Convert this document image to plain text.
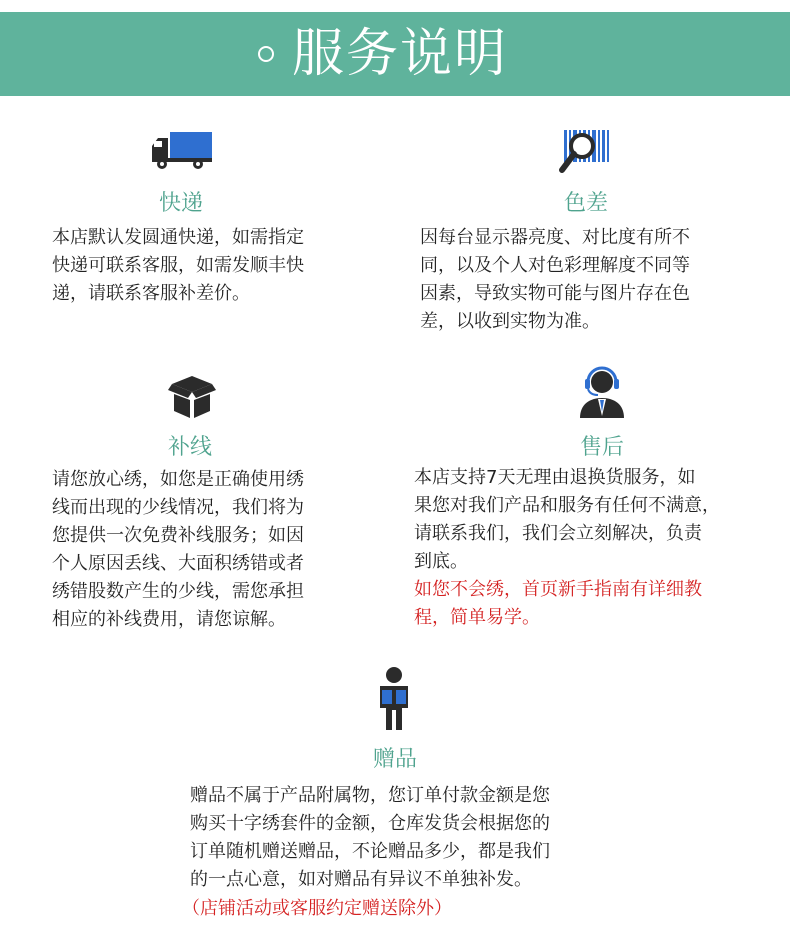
服务说明
快递
本店默认发圆通快递，如需指定
快递可联系客服，如需发顺丰快
递，请联系客服补差价。
色差
因每台显示器亮度、对比度有所不
同，以及个人对色彩理解度不同等
因素，导致实物可能与图片存在色
差，以收到实物为准。
补线
请您放心绣，如您是正确使用绣
线而出现的少线情况，我们将为
您提供一次免费补线服务；如因
个人原因丢线、大面积绣错或者
绣错股数产生的少线，需您承担
相应的补线费用，请您谅解。
售后
本店支持7天无理由退换货服务，如
果您对我们产品和服务有任何不满意，
请联系我们，我们会立刻解决，负责
到底。
如您不会绣，首页新手指南有详细教
程，简单易学。
赠品
赠品不属于产品附属物，您订单付款金额是您
购买十字绣套件的金额，仓库发货会根据您的
订单随机赠送赠品，不论赠品多少，都是我们
的一点心意，如对赠品有异议不单独补发。
（店铺活动或客服约定赠送除外）
